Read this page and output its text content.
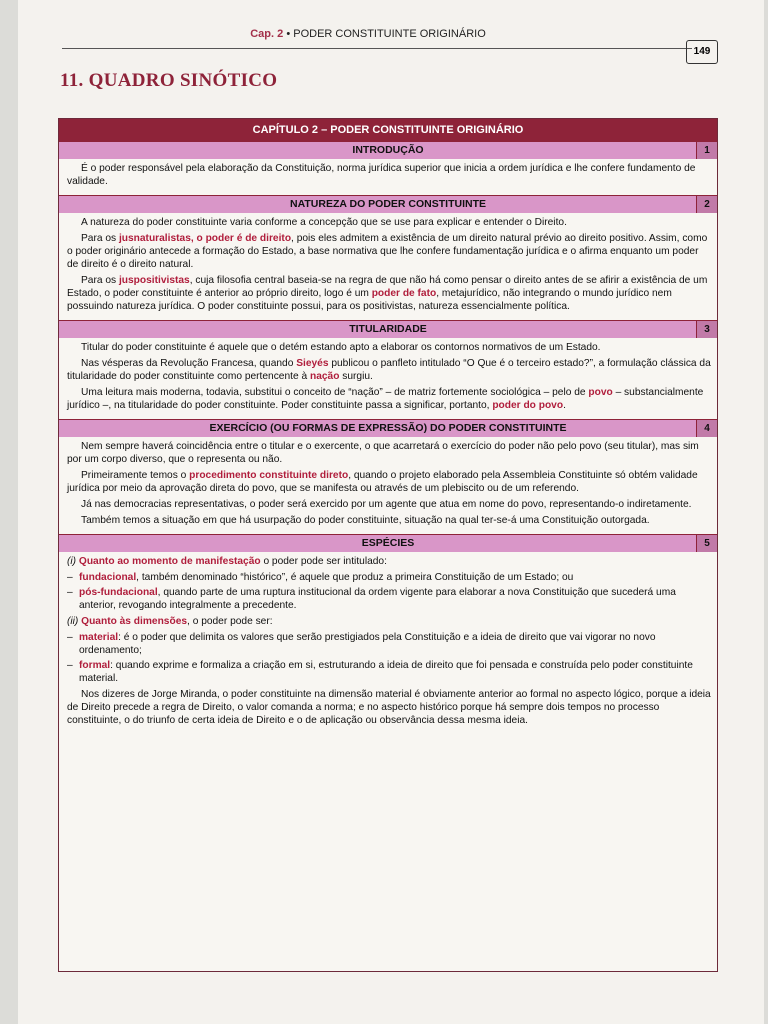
Cap. 2 • PODER CONSTITUINTE ORIGINÁRIO
149
11. QUADRO SINÓTICO
CAPÍTULO 2 – PODER CONSTITUINTE ORIGINÁRIO
INTRODUÇÃO	1

É o poder responsável pela elaboração da Constituição, norma jurídica superior que inicia a ordem jurídica e lhe confere fundamento de validade.

NATUREZA DO PODER CONSTITUINTE	2

A natureza do poder constituinte varia conforme a concepção que se use para explicar e entender o Direito.

Para os jusnaturalistas, o poder é de direito, pois eles admitem a existência de um direito natural prévio ao direito positivo. Assim, como o poder originário antecede a formação do Estado, a base normativa que lhe confere fundamentação jurídica e o afirma enquanto um poder de direito é o direito natural.

Para os juspositivistas, cuja filosofia central baseia-se na regra de que não há como pensar o direito antes de se afirir a existência de um Estado, o poder constituinte é anterior ao próprio direito, logo é um poder de fato, metajurídico, não integrando o mundo jurídico nem possuindo natureza jurídica. O poder constituinte possui, para os positivistas, natureza essencialmente política.

TITULARIDADE	3

Titular do poder constituinte é aquele que o detém estando apto a elaborar os contornos normativos de um Estado.

Nas vésperas da Revolução Francesa, quando Sieyés publicou o panfleto intitulado “O Que é o terceiro estado?”, a formulação clássica da titularidade do poder constituinte como pertencente à nação surgiu.

Uma leitura mais moderna, todavia, substitui o conceito de “nação” – de matriz fortemente sociológica – pelo de povo – substancialmente jurídico –, na titularidade do poder constituinte. Poder constituinte passa a significar, portanto, poder do povo.

EXERCÍCIO (OU FORMAS DE EXPRESSÃO) DO PODER CONSTITUINTE	4

Nem sempre haverá coincidência entre o titular e o exercente, o que acarretará o exercício do poder não pelo povo (seu titular), mas sim por um corpo diverso, que o representa ou não.

Primeiramente temos o procedimento constituinte direto, quando o projeto elaborado pela Assembleia Constituinte só obtém validade jurídica por meio da aprovação direta do povo, que se manifesta ou através de um plebiscito ou de um referendo.

Já nas democracias representativas, o poder será exercido por um agente que atua em nome do povo, representando-o indiretamente.

Também temos a situação em que há usurpação do poder constituinte, situação na qual ter-se-á uma Constituição outorgada.

ESPÉCIES	5

(i) Quanto ao momento de manifestação o poder pode ser intitulado:

– fundacional, também denominado “histórico”, é aquele que produz a primeira Constituição de um Estado; ou
– pós-fundacional, quando parte de uma ruptura institucional da ordem vigente para elaborar a nova Constituição que sucederá uma anterior, revogando integralmente a precedente.

(ii) Quanto às dimensões, o poder pode ser:

– material: é o poder que delimita os valores que serão prestigiados pela Constituição e a ideia de direito que vai vigorar no novo ordenamento;
– formal: quando exprime e formaliza a criação em si, estruturando a ideia de direito que foi pensada e construída pelo poder constituinte material.

Nos dizeres de Jorge Miranda, o poder constituinte na dimensão material é obviamente anterior ao formal no aspecto lógico, porque a ideia de Direito precede a regra de Direito, o valor comanda a norma; e no aspecto histórico porque há sempre dois tempos no processo constituinte, o do triunfo de certa ideia de Direito e o de aplicação ou observância dessa mesma ideia.
